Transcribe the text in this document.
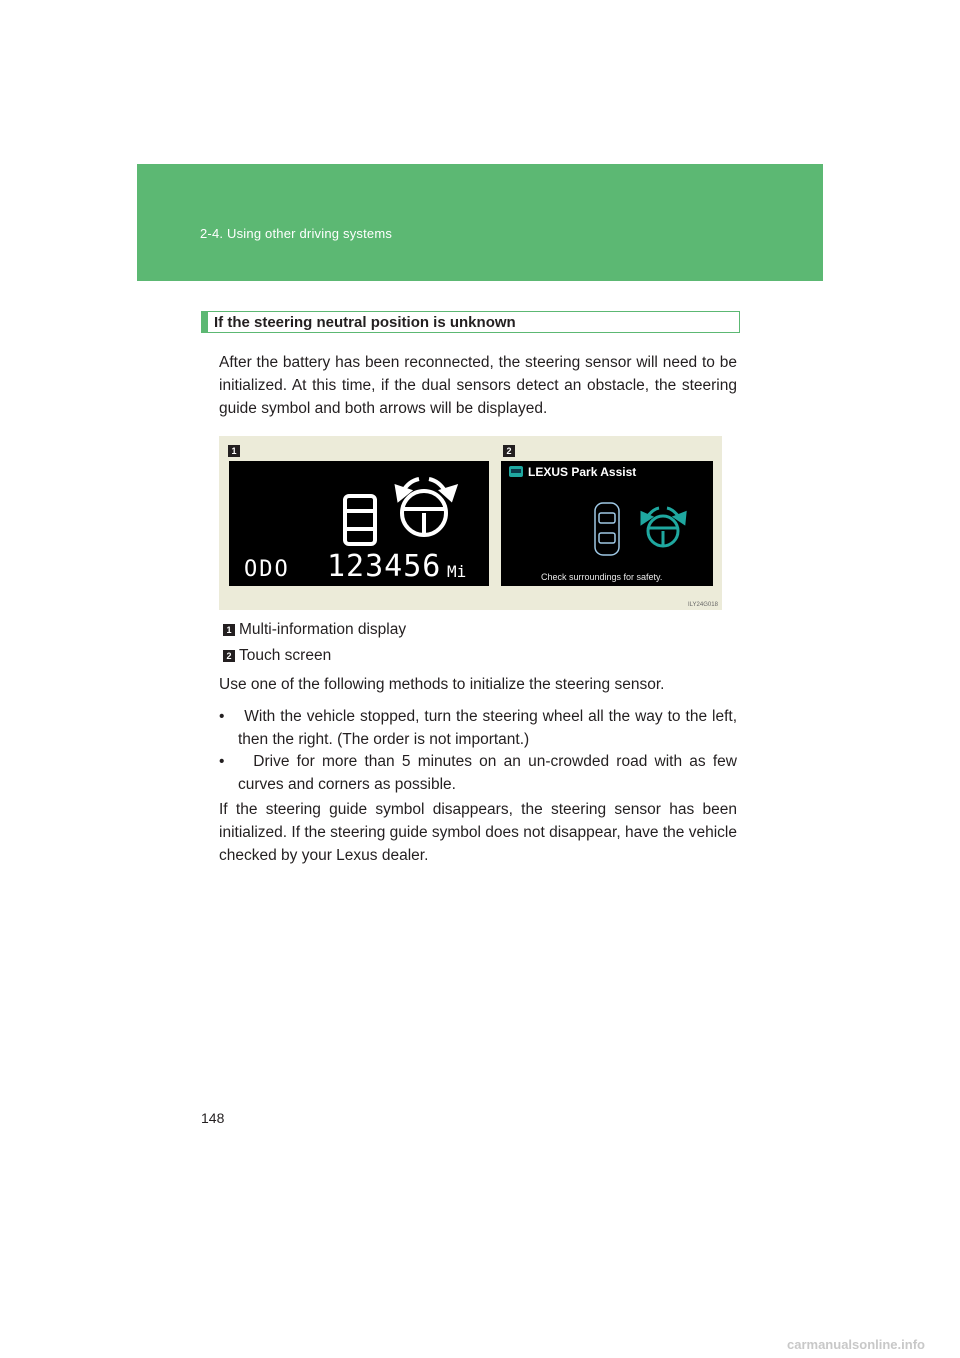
2-4. Using other driving systems
If the steering neutral position is unknown
After the battery has been reconnected, the steering sensor will need to be initialized. At this time, if the dual sensors detect an obstacle, the steering guide symbol and both arrows will be displayed.
1	2
ODO 123456 Mi
LEXUS Park Assist
Check surroundings for safety.
ILY24G018
1 Multi-information display
2 Touch screen
Use one of the following methods to initialize the steering sensor.
•    With the vehicle stopped, turn the steering wheel all the way to the left, then the right. (The order is not important.)
•    Drive for more than 5 minutes on an un-crowded road with as few curves and corners as possible.
If the steering guide symbol disappears, the steering sensor has been initialized. If the steering guide symbol does not disappear, have the vehicle checked by your Lexus dealer.
148
carmanualsonline.info
